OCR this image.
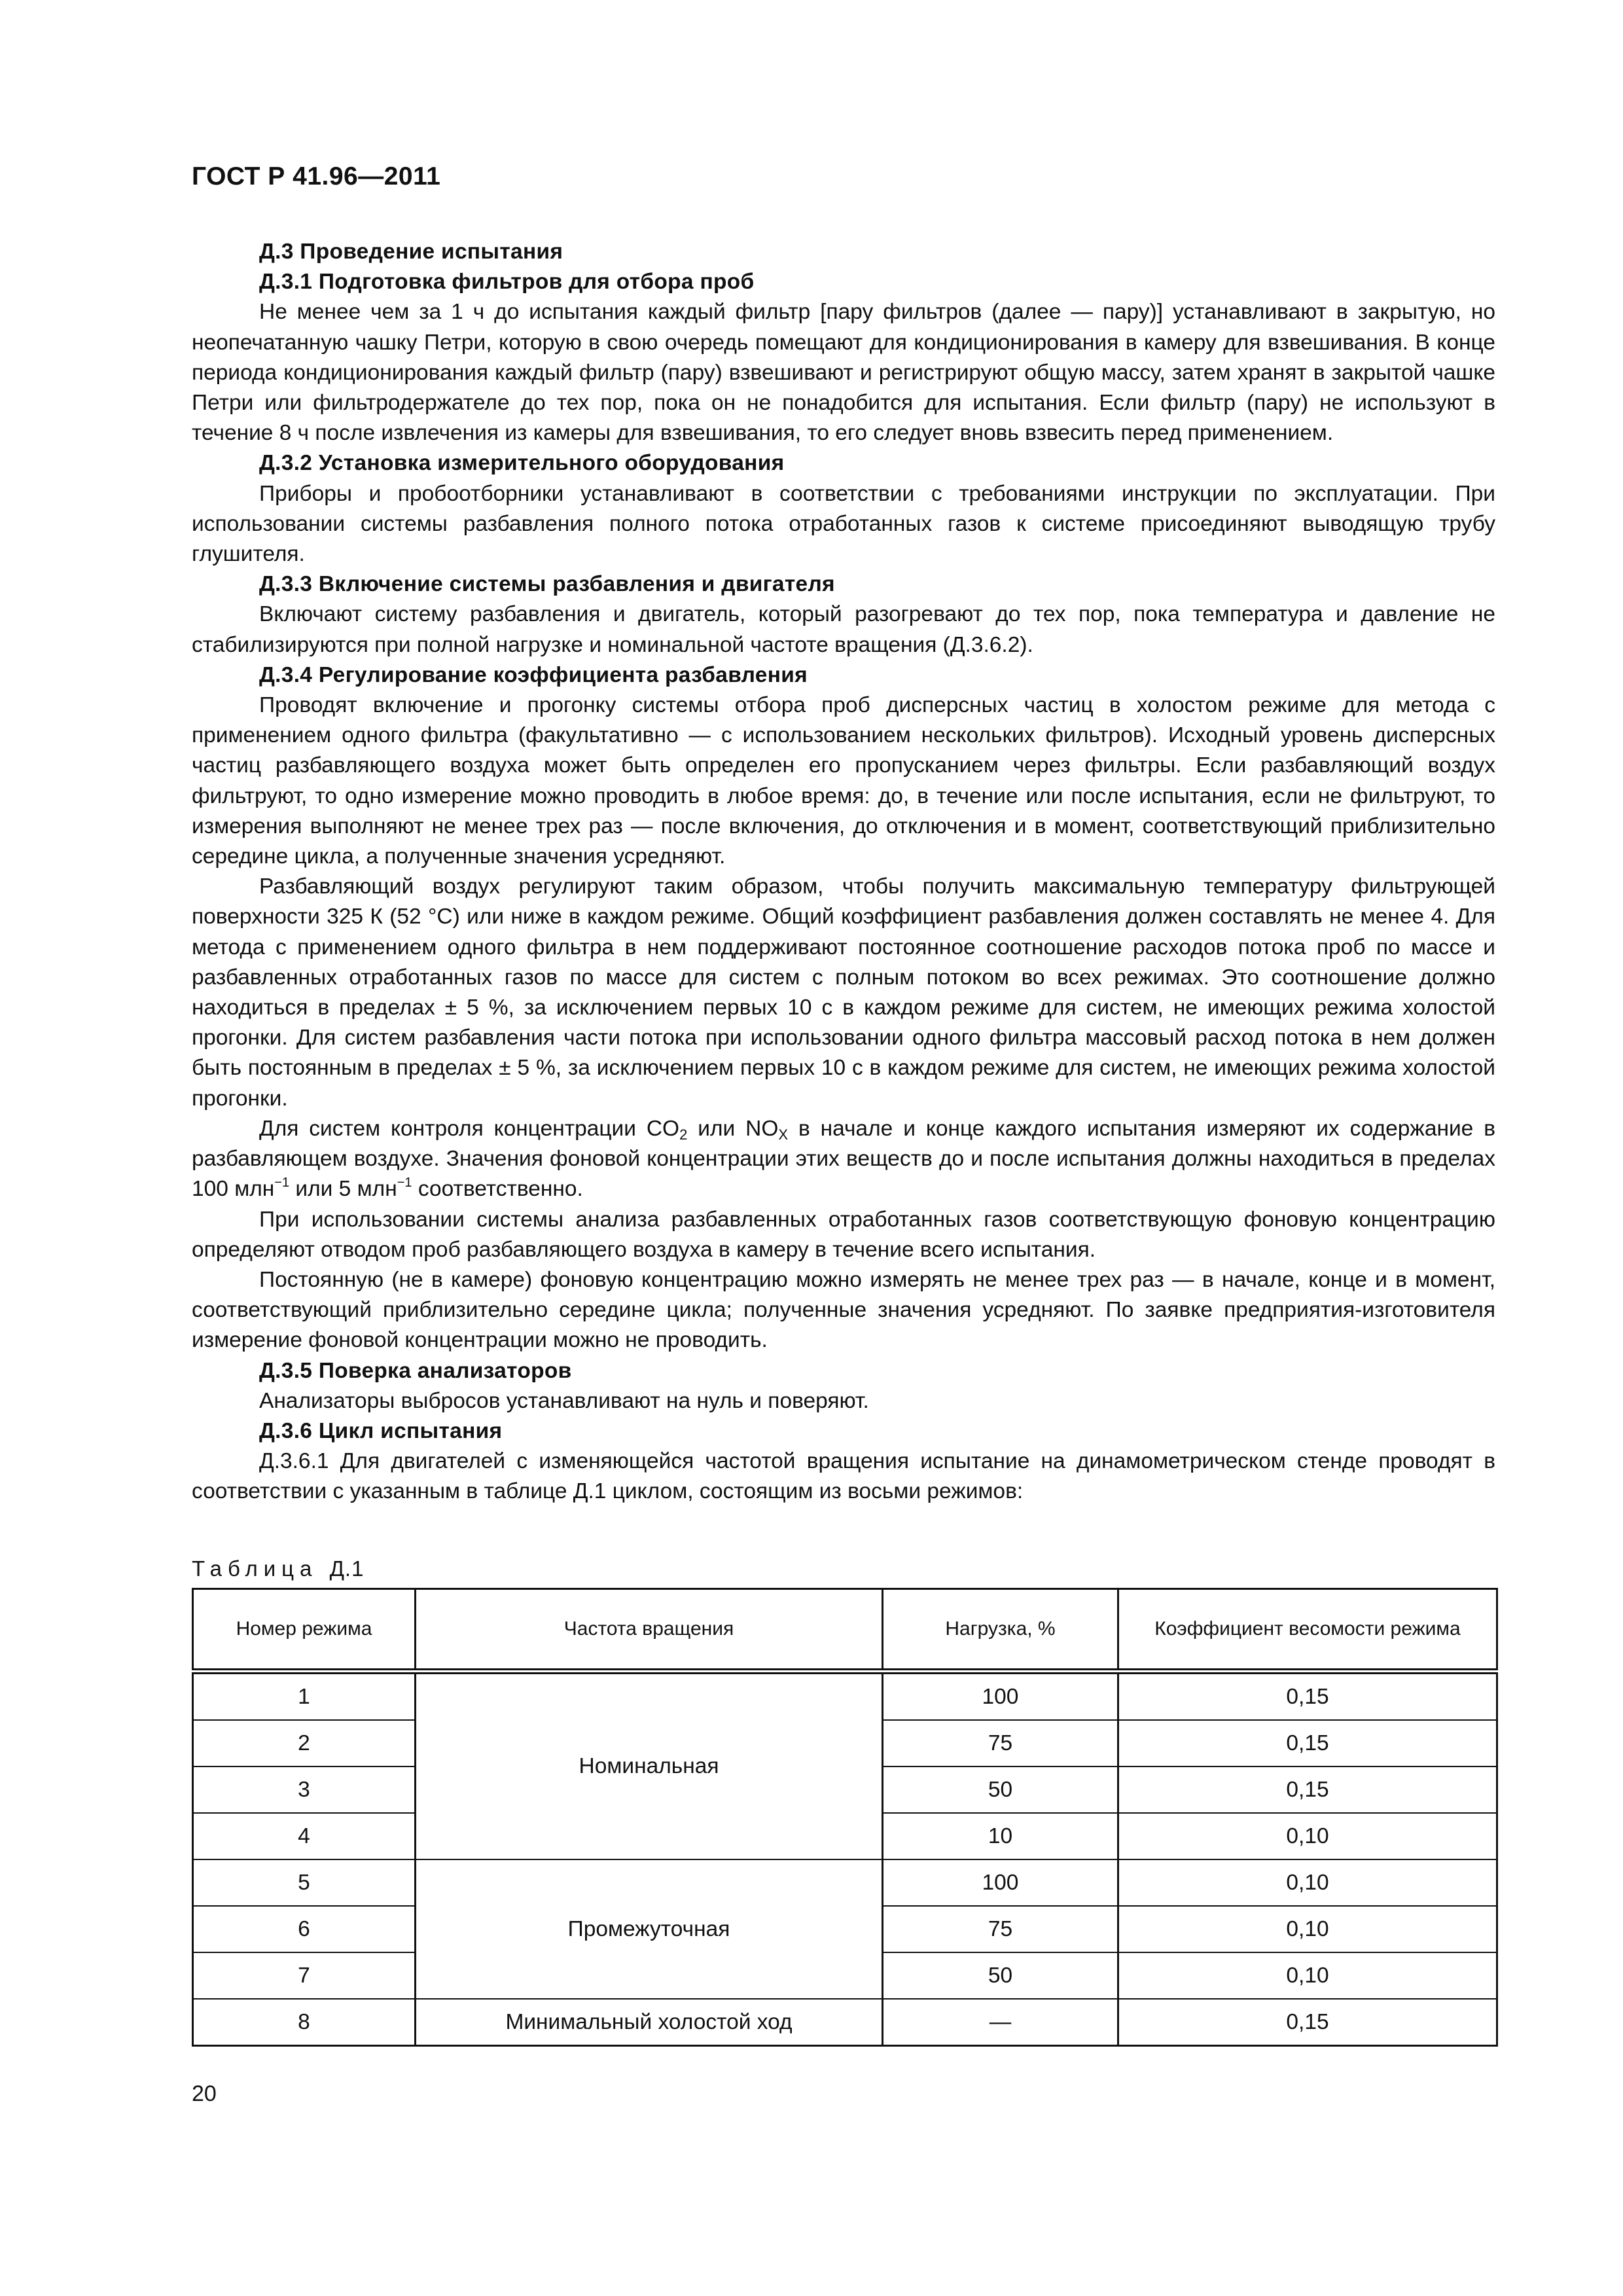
ГОСТ Р 41.96—2011

Д.3 Проведение испытания

Д.3.1 Подготовка фильтров для отбора проб

Не менее чем за 1 ч до испытания каждый фильтр [пару фильтров (далее — пару)] устанавливают в закрытую, но неопечатанную чашку Петри, которую в свою очередь помещают для кондиционирования в камеру для взвешивания. В конце периода кондиционирования каждый фильтр (пару) взвешивают и регистрируют общую массу, затем хранят в закрытой чашке Петри или фильтродержателе до тех пор, пока он не понадобится для испытания. Если фильтр (пару) не используют в течение 8 ч после извлечения из камеры для взвешивания, то его следует вновь взвесить перед применением.

Д.3.2 Установка измерительного оборудования

Приборы и пробоотборники устанавливают в соответствии с требованиями инструкции по эксплуатации. При использовании системы разбавления полного потока отработанных газов к системе присоединяют выводящую трубу глушителя.

Д.3.3 Включение системы разбавления и двигателя

Включают систему разбавления и двигатель, который разогревают до тех пор, пока температура и давление не стабилизируются при полной нагрузке и номинальной частоте вращения (Д.3.6.2).

Д.3.4 Регулирование коэффициента разбавления

Проводят включение и прогонку системы отбора проб дисперсных частиц в холостом режиме для метода с применением одного фильтра (факультативно — с использованием нескольких фильтров). Исходный уровень дисперсных частиц разбавляющего воздуха может быть определен его пропусканием через фильтры. Если разбавляющий воздух фильтруют, то одно измерение можно проводить в любое время: до, в течение или после испытания, если не фильтруют, то измерения выполняют не менее трех раз — после включения, до отключения и в момент, соответствующий приблизительно середине цикла, а полученные значения усредняют.

Разбавляющий воздух регулируют таким образом, чтобы получить максимальную температуру фильтрующей поверхности 325 К (52 °C) или ниже в каждом режиме. Общий коэффициент разбавления должен составлять не менее 4. Для метода с применением одного фильтра в нем поддерживают постоянное соотношение расходов потока проб по массе и разбавленных отработанных газов по массе для систем с полным потоком во всех режимах. Это соотношение должно находиться в пределах ± 5 %, за исключением первых 10 с в каждом режиме для систем, не имеющих режима холостой прогонки. Для систем разбавления части потока при использовании одного фильтра массовый расход потока в нем должен быть постоянным в пределах ± 5 %, за исключением первых 10 с в каждом режиме для систем, не имеющих режима холостой прогонки.

Для систем контроля концентрации $CO_2$ или $NO_X$ в начале и конце каждого испытания измеряют их содержание в разбавляющем воздухе. Значения фоновой концентрации этих веществ до и после испытания должны находиться в пределах 100 млн$^{-1}$ или 5 млн$^{-1}$ соответственно.

При использовании системы анализа разбавленных отработанных газов соответствующую фоновую концентрацию определяют отводом проб разбавляющего воздуха в камеру в течение всего испытания.

Постоянную (не в камере) фоновую концентрацию можно измерять не менее трех раз — в начале, конце и в момент, соответствующий приблизительно середине цикла; полученные значения усредняют. По заявке предприятия-изготовителя измерение фоновой концентрации можно не проводить.

Д.3.5 Поверка анализаторов

Анализаторы выбросов устанавливают на нуль и поверяют.

Д.3.6 Цикл испытания

Д.3.6.1 Для двигателей с изменяющейся частотой вращения испытание на динамометрическом стенде проводят в соответствии с указанным в таблице Д.1 циклом, состоящим из восьми режимов:

Таблица Д.1
Номер режима	Частота вращения	Нагрузка, %	Коэффициент весомости режима
1	Номинальная	100	0,15
2		75	0,15
3		50	0,15
4		10	0,10
5	Промежуточная	100	0,10
6		75	0,10
7		50	0,10
8	Минимальный холостой ход	—	0,15
20
